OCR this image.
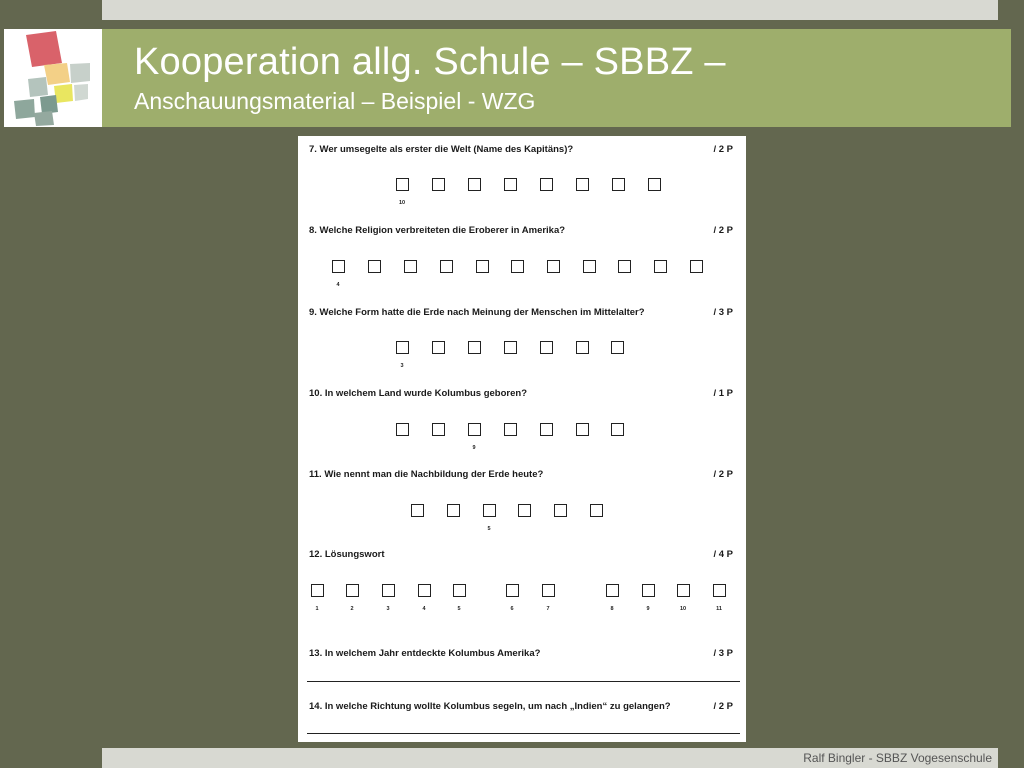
Kooperation allg. Schule – SBBZ –
Anschauungsmaterial – Beispiel - WZG
7. Wer umsegelte als erster die Welt (Name des Kapitäns)?	/ 2 P
10
8. Welche Religion verbreiteten die Eroberer in Amerika?	/ 2 P
4
9. Welche Form hatte die Erde nach Meinung der Menschen im Mittelalter?	/ 3 P
3
10. In welchem Land wurde Kolumbus geboren?	/ 1 P
9
11. Wie nennt man die Nachbildung der Erde heute?	/ 2 P
5
12. Lösungswort	/ 4 P
1	2	3	4	5	6	7	8	9	10	11
13. In welchem Jahr entdeckte Kolumbus Amerika?	/ 3 P
14. In welche Richtung wollte Kolumbus segeln, um nach „Indien“ zu gelangen?	/ 2 P
Ralf Bingler - SBBZ Vogesenschule
